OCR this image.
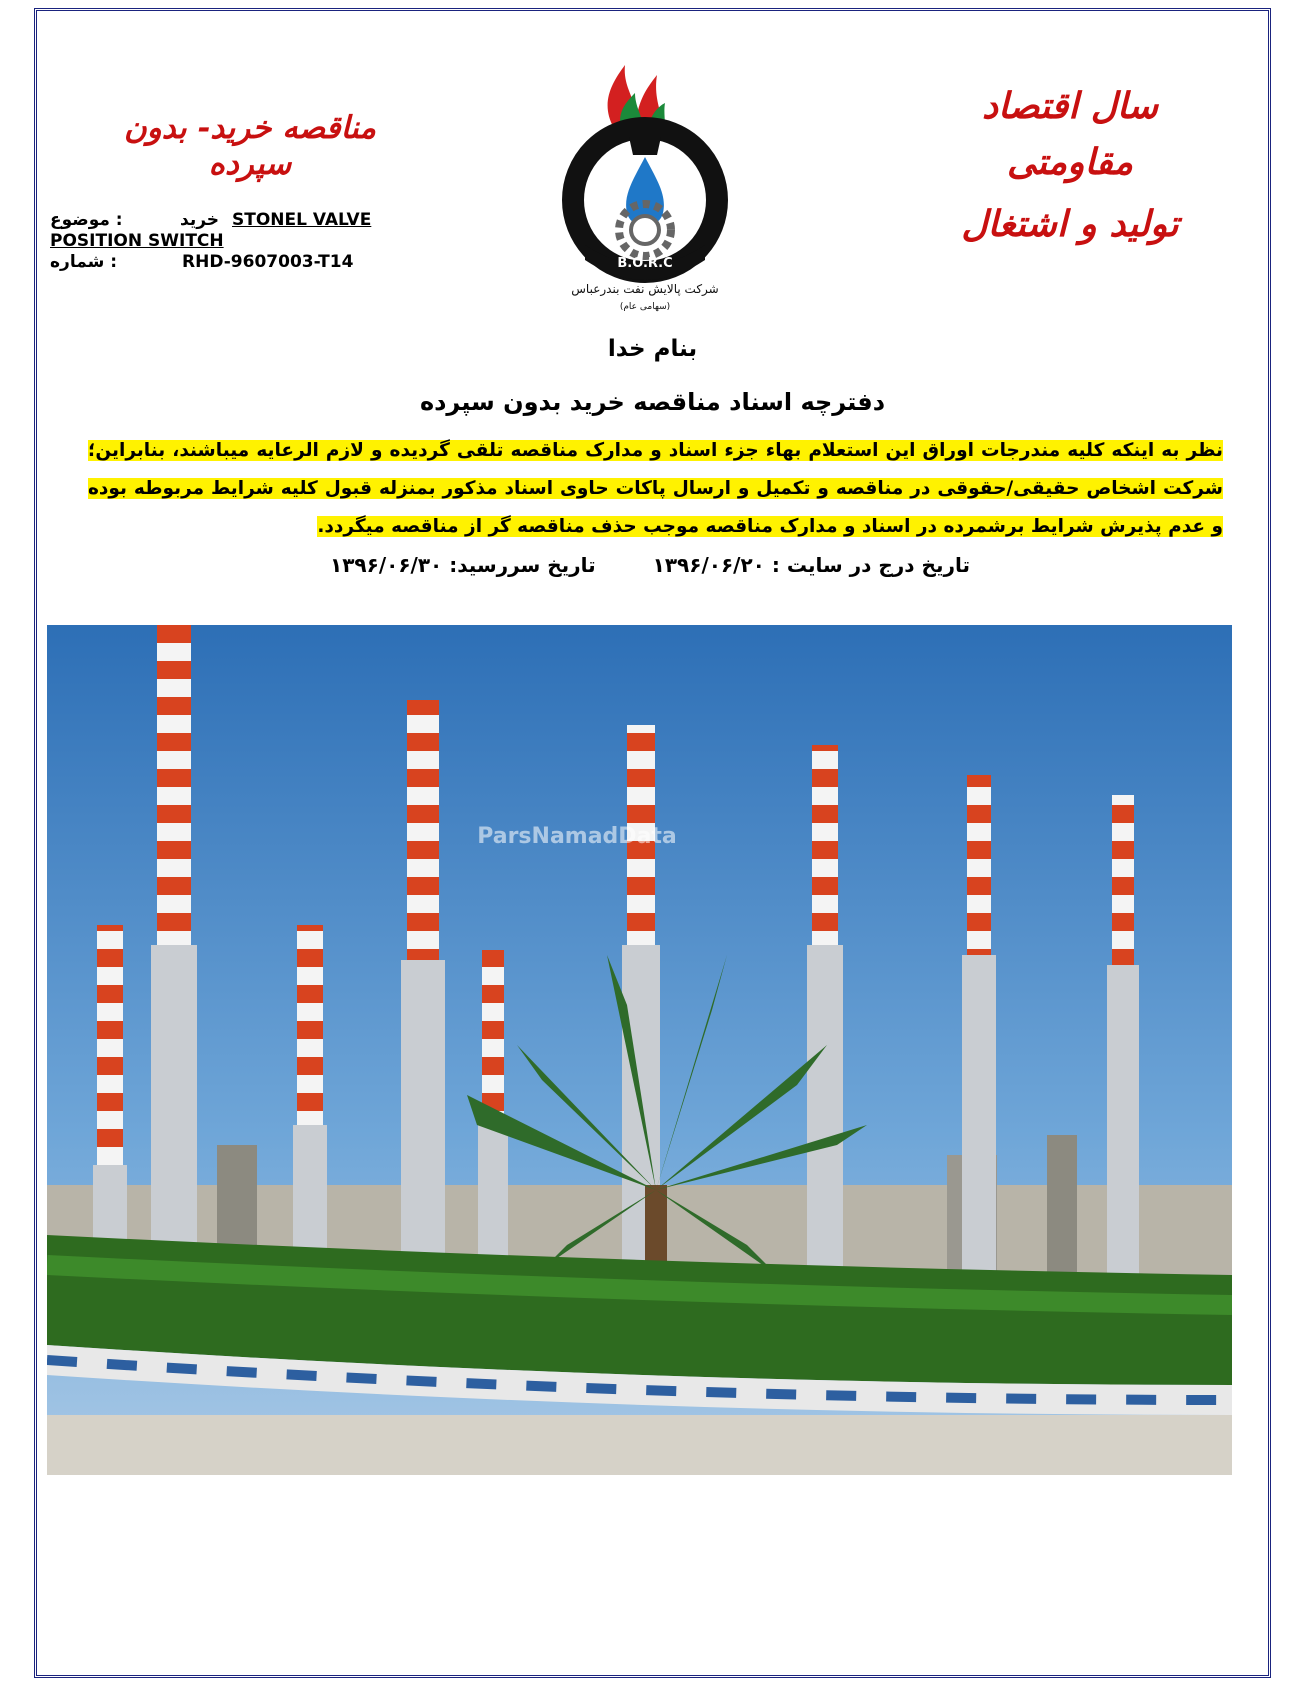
سال اقتصاد مقاومتی
تولید و اشتغال
مناقصه خرید- بدون سپرده
موضوع :	خرید STONEL VALVE
POSITION SWITCH
شماره :	RHD-9607003-T14	B.O.R.C
شرکت پالایش نفت بندرعباس
(سهامی عام)
بنام خدا
دفترچه اسناد مناقصه خرید بدون سپرده
نظر به اینکه کلیه مندرجات اوراق این استعلام بهاء جزء اسناد و مدارک مناقصه تلقی گردیده و لازم الرعایه میباشند، بنابراین؛ شرکت اشخاص حقیقی/حقوقی در مناقصه و تکمیل و ارسال پاکات حاوی اسناد مذکور بمنزله قبول کلیه شرایط مربوطه بوده و عدم پذیرش شرایط برشمرده در اسناد و مدارک مناقصه موجب حذف مناقصه گر از مناقصه میگردد.
تاریخ درج در سایت : ۱۳۹۶/۰۶/۲۰
تاریخ سررسید: ۱۳۹۶/۰۶/۳۰
ParsNamadData
